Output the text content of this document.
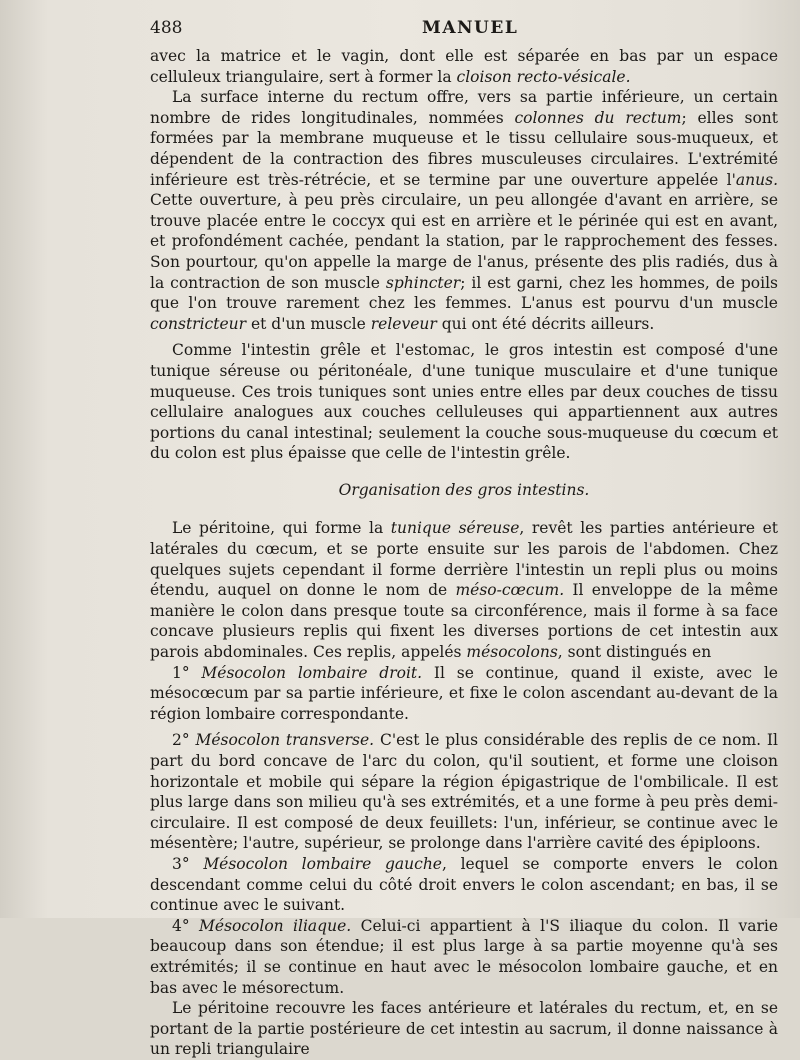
488	MANUEL

avec la matrice et le vagin, dont elle est séparée en bas par un espace celluleux triangulaire, sert à former la cloison recto-vésicale.

La surface interne du rectum offre, vers sa partie inférieure, un certain nombre de rides longitudinales, nommées colonnes du rectum; elles sont formées par la membrane muqueuse et le tissu cellulaire sous-muqueux, et dépendent de la contraction des fibres musculeuses circulaires. L'extrémité inférieure est très-rétrécie, et se termine par une ouverture appelée l'anus. Cette ouverture, à peu près circulaire, un peu allongée d'avant en arrière, se trouve placée entre le coccyx qui est en arrière et le périnée qui est en avant, et profondément cachée, pendant la station, par le rapprochement des fesses. Son pourtour, qu'on appelle la marge de l'anus, présente des plis radiés, dus à la contraction de son muscle sphincter; il est garni, chez les hommes, de poils que l'on trouve rarement chez les femmes. L'anus est pourvu d'un muscle constricteur et d'un muscle releveur qui ont été décrits ailleurs.

Comme l'intestin grêle et l'estomac, le gros intestin est composé d'une tunique séreuse ou péritonéale, d'une tunique musculaire et d'une tunique muqueuse. Ces trois tuniques sont unies entre elles par deux couches de tissu cellulaire analogues aux couches celluleuses qui appartiennent aux autres portions du canal intestinal; seulement la couche sous-muqueuse du cœcum et du colon est plus épaisse que celle de l'intestin grêle.

Organisation des gros intestins.

Le péritoine, qui forme la tunique séreuse, revêt les parties antérieure et latérales du cœcum, et se porte ensuite sur les parois de l'abdomen. Chez quelques sujets cependant il forme derrière l'intestin un repli plus ou moins étendu, auquel on donne le nom de méso-cœcum. Il enveloppe de la même manière le colon dans presque toute sa circonférence, mais il forme à sa face concave plusieurs replis qui fixent les diverses portions de cet intestin aux parois abdominales. Ces replis, appelés mésocolons, sont distingués en

1° Mésocolon lombaire droit. Il se continue, quand il existe, avec le mésocœcum par sa partie inférieure, et fixe le colon ascendant au-devant de la région lombaire correspondante.

2° Mésocolon transverse. C'est le plus considérable des replis de ce nom. Il part du bord concave de l'arc du colon, qu'il soutient, et forme une cloison horizontale et mobile qui sépare la région épigastrique de l'ombilicale. Il est plus large dans son milieu qu'à ses extrémités, et a une forme à peu près demi-circulaire. Il est composé de deux feuillets: l'un, inférieur, se continue avec le mésentère; l'autre, supérieur, se prolonge dans l'arrière cavité des épiploons.

3° Mésocolon lombaire gauche, lequel se comporte envers le colon descendant comme celui du côté droit envers le colon ascendant; en bas, il se continue avec le suivant.

4° Mésocolon iliaque. Celui-ci appartient à l'S iliaque du colon. Il varie beaucoup dans son étendue; il est plus large à sa partie moyenne qu'à ses extrémités; il se continue en haut avec le mésocolon lombaire gauche, et en bas avec le mésorectum.

Le péritoine recouvre les faces antérieure et latérales du rectum, et, en se portant de la partie postérieure de cet intestin au sacrum, il donne naissance à un repli triangulaire
